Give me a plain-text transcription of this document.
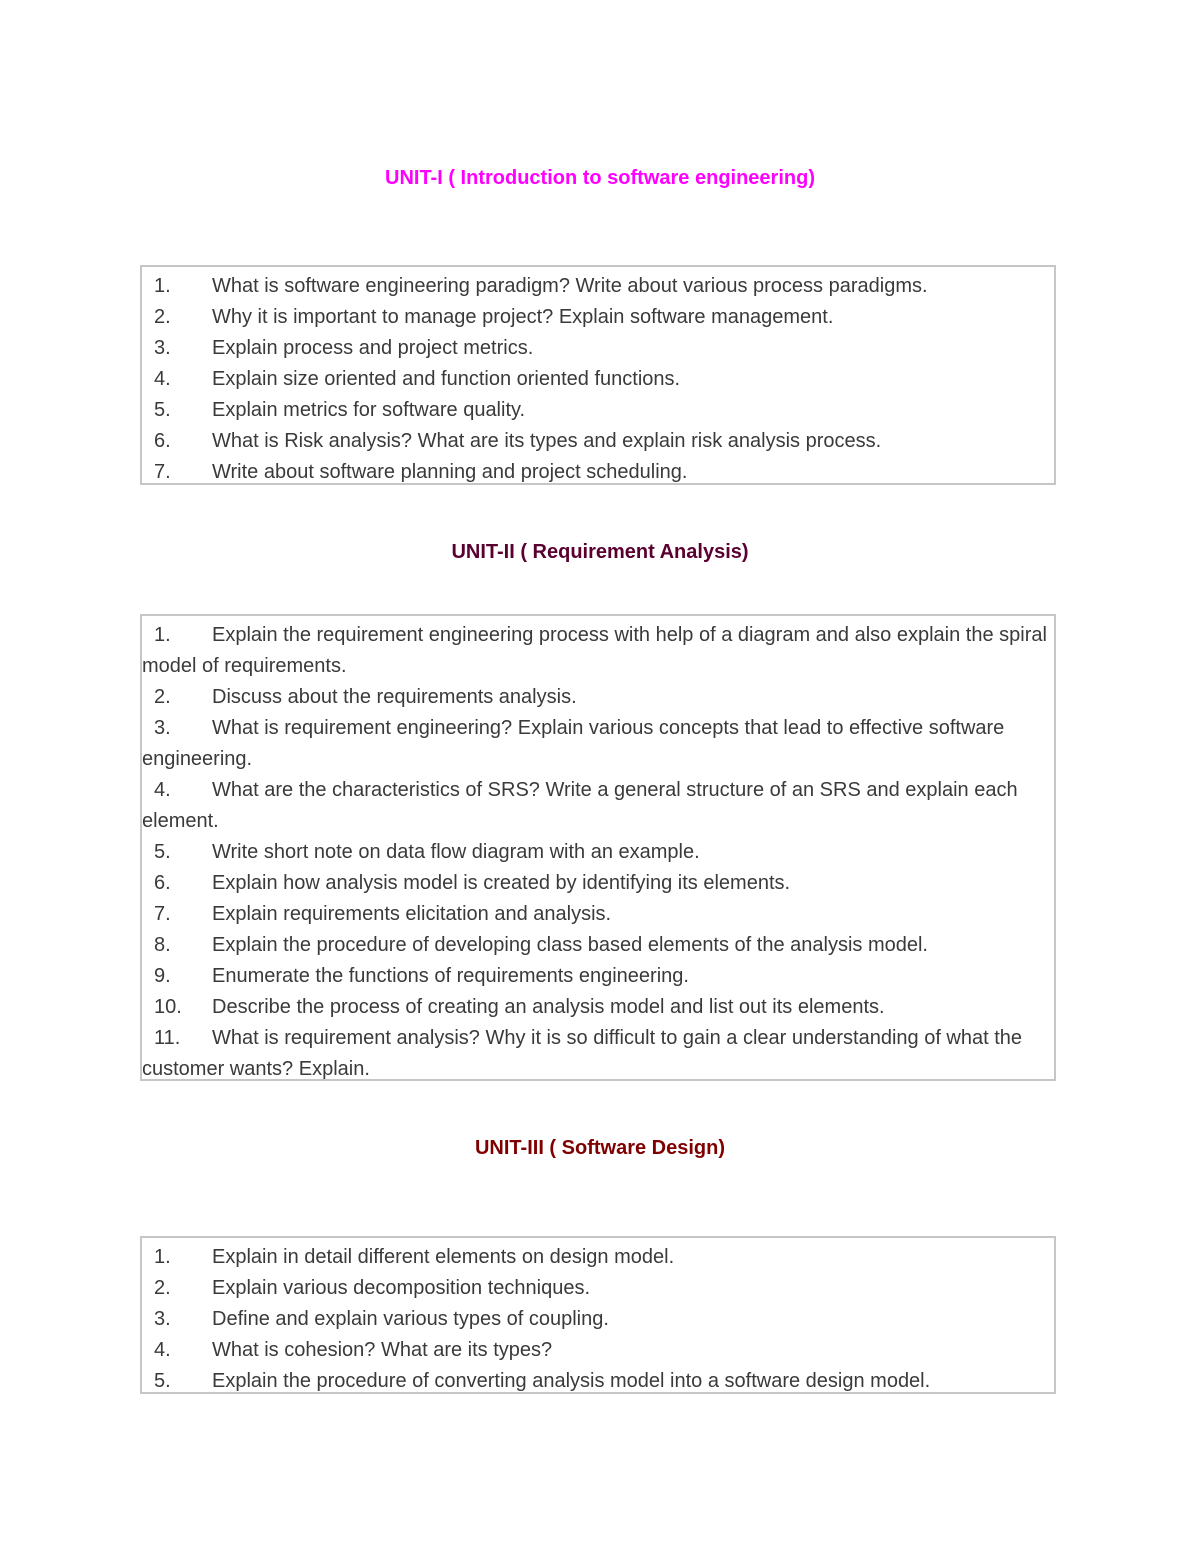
UNIT-I ( Introduction to software engineering)
1. What is software engineering paradigm? Write about various process paradigms.
2. Why it is important to manage project? Explain software management.
3. Explain process and project metrics.
4. Explain size oriented and function oriented functions.
5. Explain metrics for software quality.
6. What is Risk analysis? What are its types and explain risk analysis process.
7. Write about software planning and project scheduling.
UNIT-II ( Requirement Analysis)
1. Explain the requirement engineering process with help of a diagram and also explain the spiral model of requirements.
2. Discuss about the requirements analysis.
3. What is requirement engineering? Explain various concepts that lead to effective software engineering.
4. What are the characteristics of SRS? Write a general structure of an SRS and explain each element.
5. Write short note on data flow diagram with an example.
6. Explain how analysis model is created by identifying its elements.
7. Explain requirements elicitation and analysis.
8. Explain the procedure of developing class based elements of the analysis model.
9. Enumerate the functions of requirements engineering.
10. Describe the process of creating an analysis model and list out its elements.
11. What is requirement analysis? Why it is so difficult to gain a clear understanding of what the customer wants? Explain.
UNIT-III ( Software Design)
1. Explain in detail different elements on design model.
2. Explain various decomposition techniques.
3. Define and explain various types of coupling.
4. What is cohesion? What are its types?
5. Explain the procedure of converting analysis model into a software design model.
